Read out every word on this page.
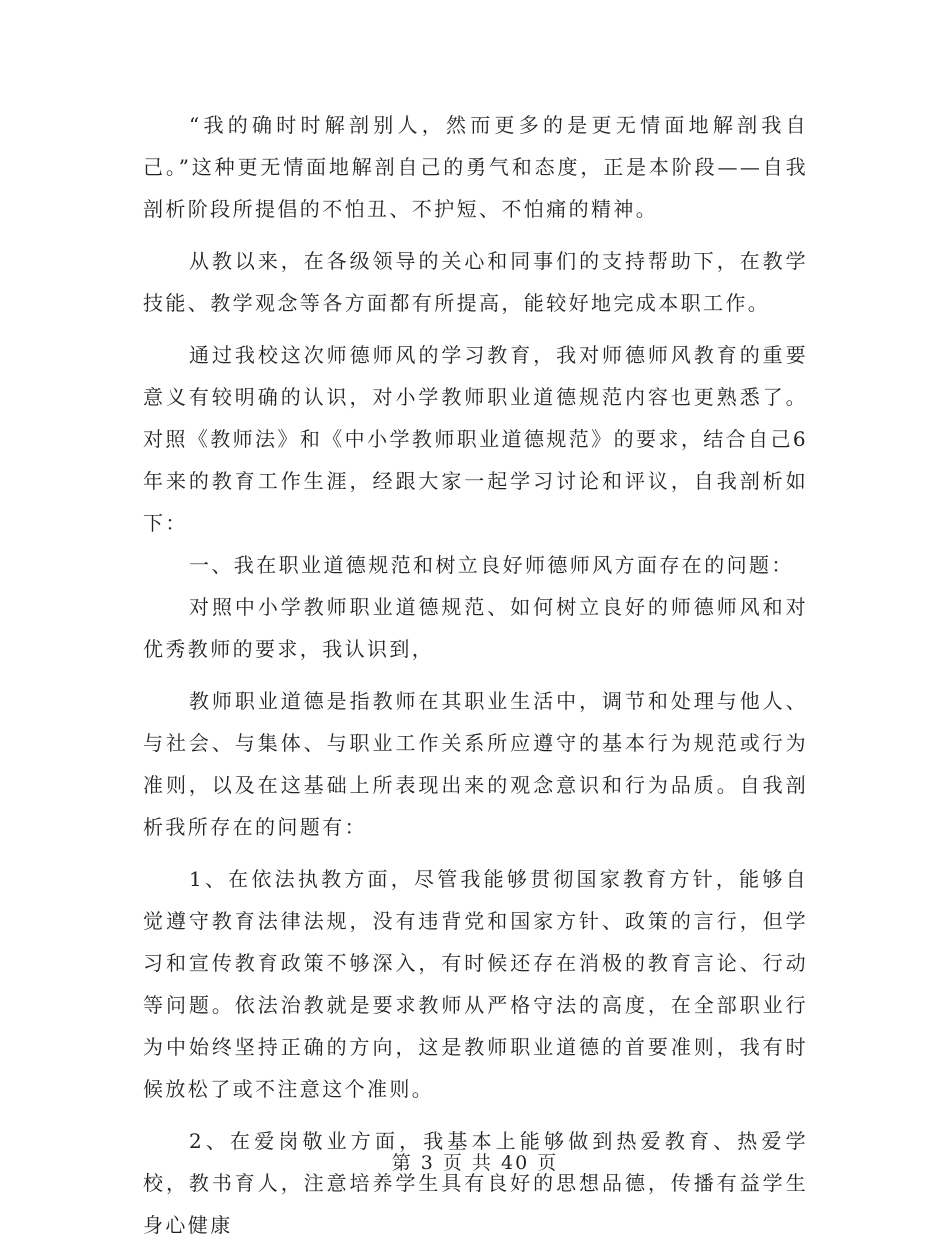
“我的确时时解剖别人，然而更多的是更无情面地解剖我自己。”这种更无情面地解剖自己的勇气和态度，正是本阶段——自我剖析阶段所提倡的不怕丑、不护短、不怕痛的精神。

从教以来，在各级领导的关心和同事们的支持帮助下，在教学技能、教学观念等各方面都有所提高，能较好地完成本职工作。

通过我校这次师德师风的学习教育，我对师德师风教育的重要意义有较明确的认识，对小学教师职业道德规范内容也更熟悉了。对照《教师法》和《中小学教师职业道德规范》的要求，结合自己6年来的教育工作生涯，经跟大家一起学习讨论和评议，自我剖析如下：

一、我在职业道德规范和树立良好师德师风方面存在的问题：

对照中小学教师职业道德规范、如何树立良好的师德师风和对优秀教师的要求，我认识到，

教师职业道德是指教师在其职业生活中，调节和处理与他人、与社会、与集体、与职业工作关系所应遵守的基本行为规范或行为准则，以及在这基础上所表现出来的观念意识和行为品质。自我剖析我所存在的问题有：

1、在依法执教方面，尽管我能够贯彻国家教育方针，能够自觉遵守教育法律法规，没有违背党和国家方针、政策的言行，但学习和宣传教育政策不够深入，有时候还存在消极的教育言论、行动等问题。依法治教就是要求教师从严格守法的高度，在全部职业行为中始终坚持正确的方向，这是教师职业道德的首要准则，我有时候放松了或不注意这个准则。

2、在爱岗敬业方面，我基本上能够做到热爱教育、热爱学校，教书育人，注意培养学生具有良好的思想品德，传播有益学生身心健康

第 3 页 共 40 页
